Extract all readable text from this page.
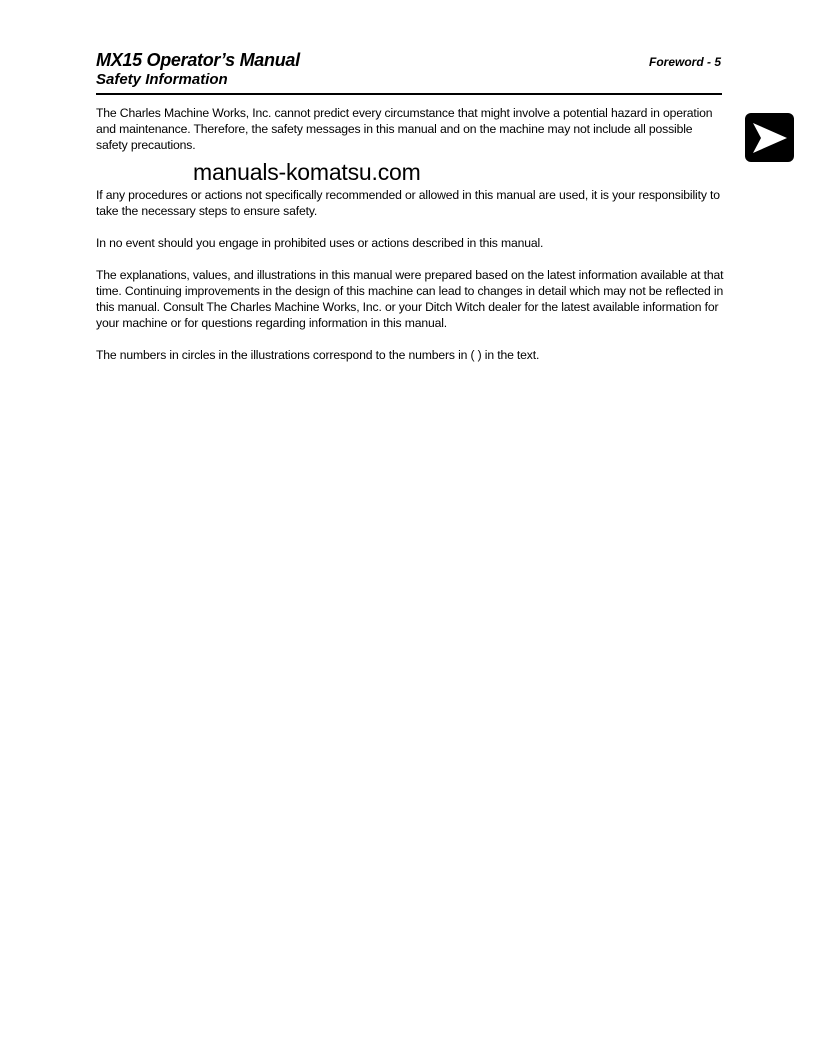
MX15 Operator’s Manual
Safety Information
Foreword - 5

The Charles Machine Works, Inc. cannot predict every circumstance that might involve a potential hazard in operation and maintenance. Therefore, the safety messages in this manual and on the machine may not include all possible safety precautions.

manuals-komatsu.com

If any procedures or actions not specifically recommended or allowed in this manual are used, it is your responsibility to take the necessary steps to ensure safety.

In no event should you engage in prohibited uses or actions described in this manual.

The explanations, values, and illustrations in this manual were prepared based on the latest information available at that time. Continuing improvements in the design of this machine can lead to changes in detail which may not be reflected in this manual. Consult The Charles Machine Works, Inc. or your Ditch Witch dealer for the latest available information for your machine or for questions regarding information in this manual.

The numbers in circles in the illustrations correspond to the numbers in ( ) in the text.
